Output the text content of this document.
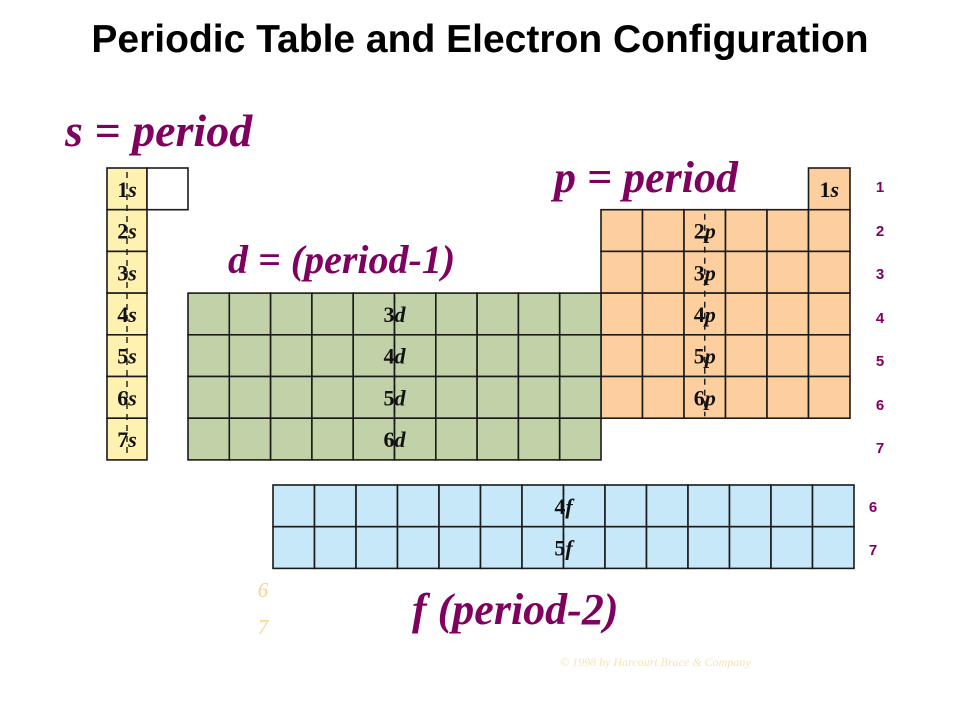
Periodic Table and Electron Configuration
s = period
p = period
d = (period-1)
f (period-2)
1s
2s
3s
4s
5s
6s
7s
1s
2p
3p
4p
5p
6p
3d
4d
5d
6d
4f
5f
1
2
3
4
5
6
7
6
7
6
7
© 1998 by Harcourt Brace & Company
